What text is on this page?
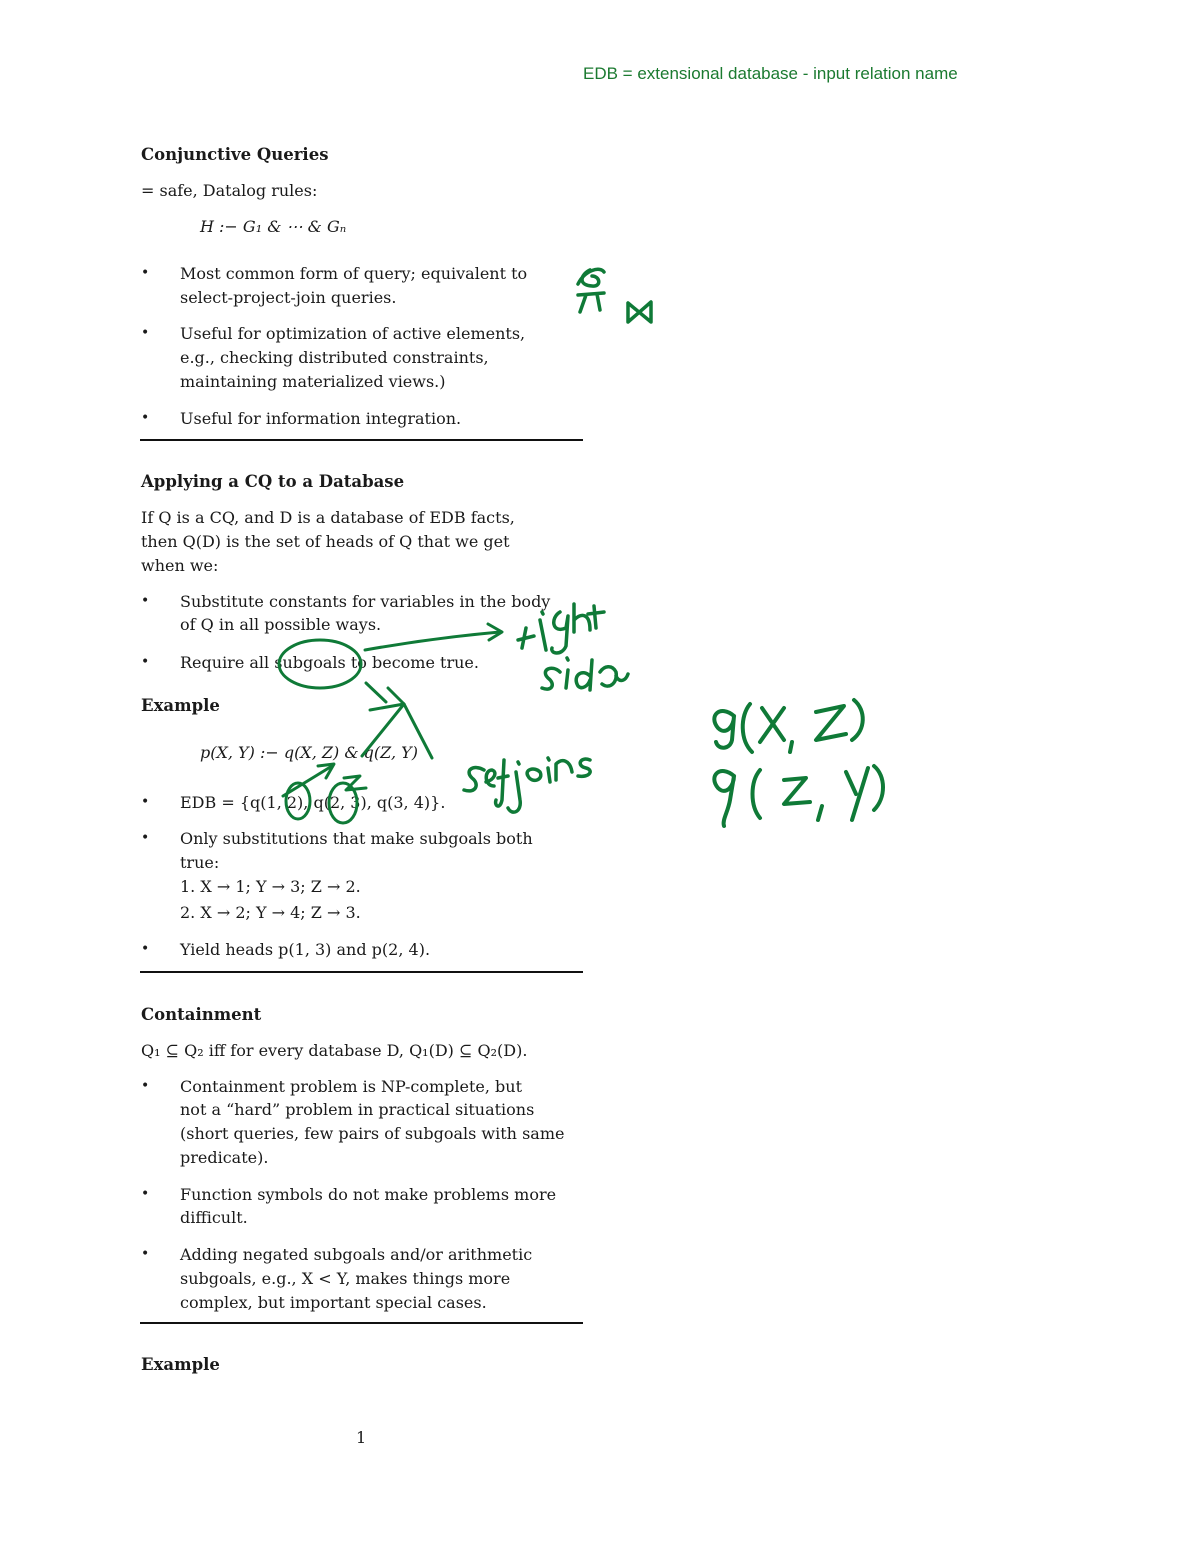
EDB = extensional database - input relation name
Conjunctive Queries
= safe, Datalog rules:
H :− G₁ & ⋯ & Gₙ
• Most common form of query; equivalent to
select-project-join queries.
• Useful for optimization of active elements,
e.g., checking distributed constraints,
maintaining materialized views.)
• Useful for information integration.
Applying a CQ to a Database
If Q is a CQ, and D is a database of EDB facts,
then Q(D) is the set of heads of Q that we get
when we:
• Substitute constants for variables in the body
of Q in all possible ways.
• Require all subgoals to become true.
Example
p(X, Y) :− q(X, Z) & q(Z, Y)
• EDB = {q(1, 2), q(2, 3), q(3, 4)}.
• Only substitutions that make subgoals both
true:
1. X → 1; Y → 3; Z → 2.
2. X → 2; Y → 4; Z → 3.
• Yield heads p(1, 3) and p(2, 4).
Containment
Q₁ ⊆ Q₂ iff for every database D, Q₁(D) ⊆ Q₂(D).
• Containment problem is NP-complete, but
not a “hard” problem in practical situations
(short queries, few pairs of subgoals with same
predicate).
• Function symbols do not make problems more
difficult.
• Adding negated subgoals and/or arithmetic
subgoals, e.g., X < Y, makes things more
complex, but important special cases.
Example
1
